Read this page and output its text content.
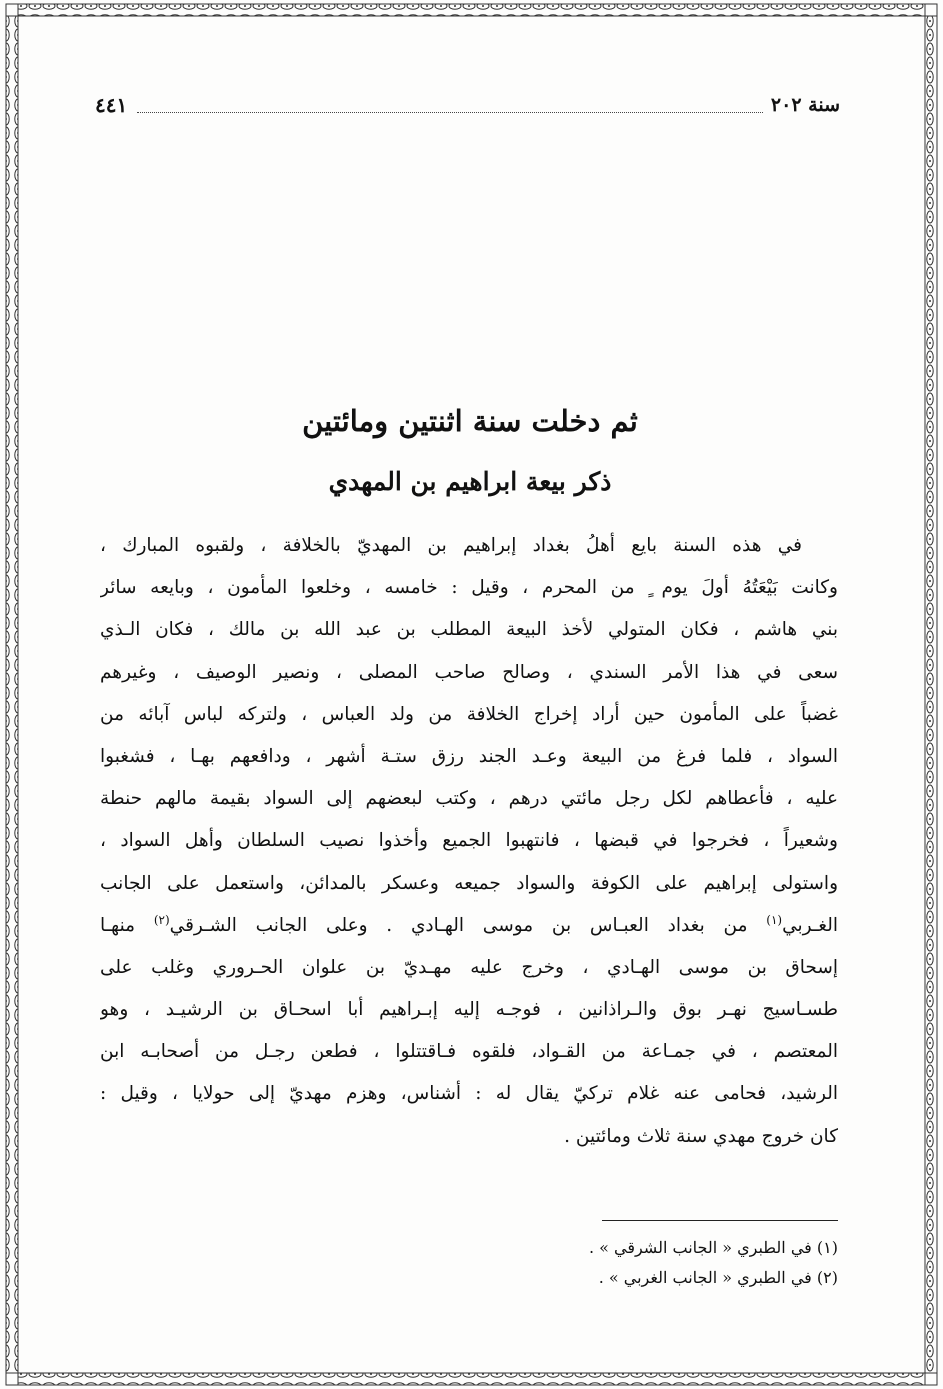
سنة ٢٠٢
٤٤١
ثم دخلت سنة اثنتين ومائتين
ذكر بيعة ابراهيم بن المهدي
في هذه السنة بايع أهلُ بغداد إبراهيم بن المهديّ بالخلافة ، ولقبوه المبارك ،
وكانت بَيْعَتُهُ أولَ يوم ٍ من المحرم ، وقيل : خامسه ، وخلعوا المأمون ، وبايعه سائر
بني هاشم ، فكان المتولي لأخذ البيعة المطلب بن عبد الله بن مالك ، فكان الـذي
سعى في هذا الأمر السندي ، وصالح صاحب المصلى ، ونصير الوصيف ، وغيرهم
غضباً على المأمون حين أراد إخراج الخلافة من ولد العباس ، ولتركه لباس آبائه من
السواد ، فلما فرغ من البيعة وعـد الجند رزق ستـة أشهر ، ودافعهم بهـا ، فشغبوا
عليه ، فأعطاهم لكل رجل مائتي درهم ، وكتب لبعضهم إلى السواد بقيمة مالهم حنطة
وشعيراً ، فخرجوا في قبضها ، فانتهبوا الجميع وأخذوا نصيب السلطان وأهل السواد ،
واستولى إبراهيم على الكوفة والسواد جميعه وعسكر بالمدائن، واستعمل على الجانب
الغـربي$^{(١)}$ من بغداد العبـاس بن موسى الهـادي . وعلى الجانب الشـرقي$^{(٢)}$ منهـا
إسحاق بن موسى الهـادي ، وخرج عليه مهـديّ بن علوان الحـروري وغلب على
طسـاسيج نهـر بوق والـراذانين ، فوجـه إليه إبـراهيم أبا اسحـاق بن الرشيـد ، وهو
المعتصم ، في جمـاعة من القـواد، فلقوه فـاقتتلوا ، فطعن رجـل من أصحابـه ابن
الرشيد، فحامى عنه غلام تركيّ يقال له : أشناس، وهزم مهديّ إلى حولايا ، وقيل :
كان خروج مهدي سنة ثلاث ومائتين .
(١) في الطبري « الجانب الشرقي » .
(٢) في الطبري « الجانب الغربي » .
